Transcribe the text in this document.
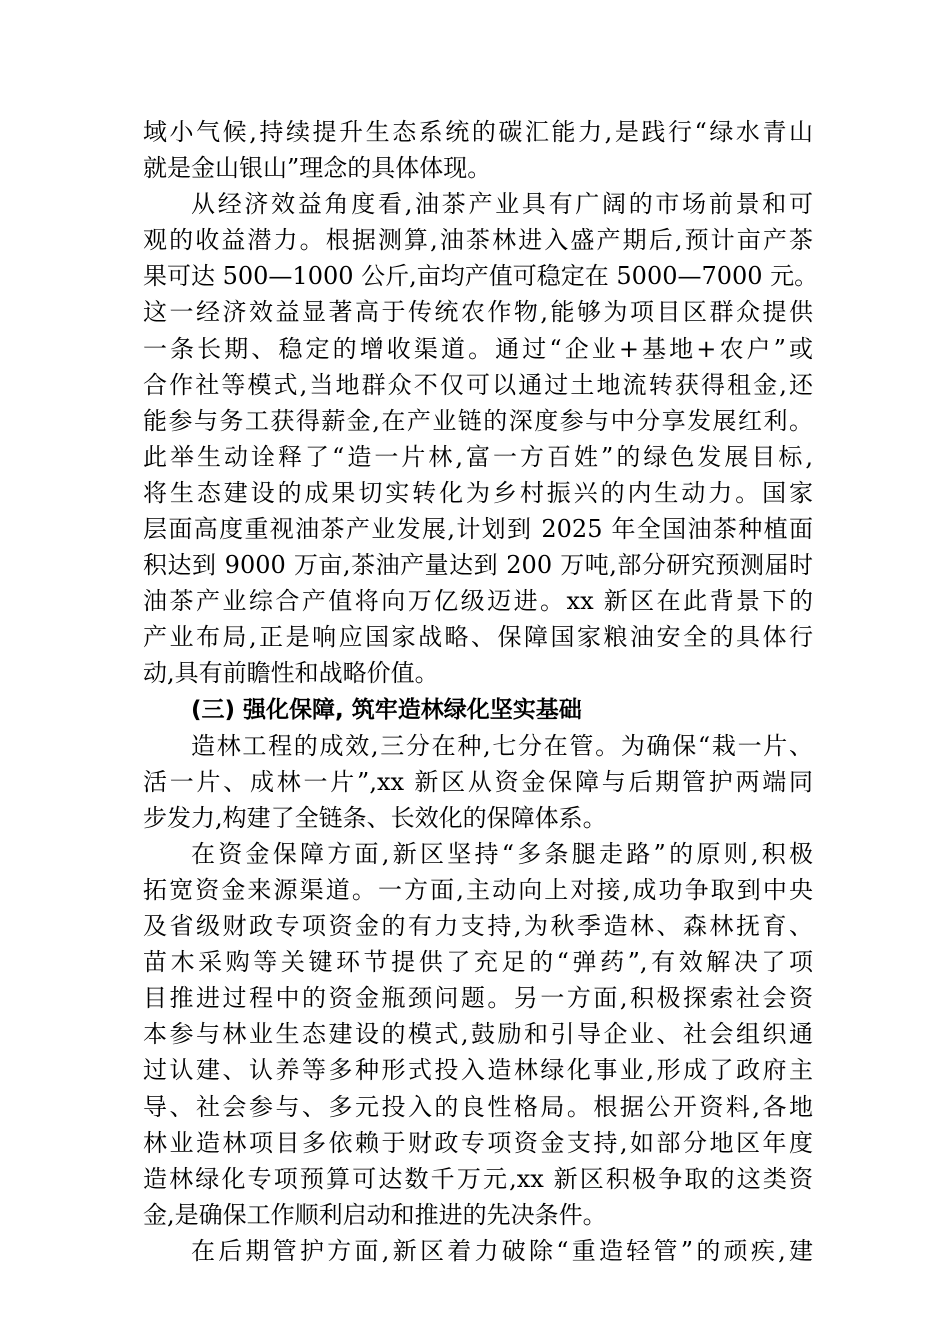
域小气候,持续提升生态系统的碳汇能力,是践行“绿水青山
就是金山银山”理念的具体体现。
从经济效益角度看,油茶产业具有广阔的市场前景和可
观的收益潜力。根据测算,油茶林进入盛产期后,预计亩产茶
果可达 500—1000 公斤,亩均产值可稳定在 5000—7000 元。
这一经济效益显著高于传统农作物,能够为项目区群众提供
一条长期、稳定的增收渠道。通过“企业+基地+农户”或
合作社等模式,当地群众不仅可以通过土地流转获得租金,还
能参与务工获得薪金,在产业链的深度参与中分享发展红利。
此举生动诠释了“造一片林,富一方百姓”的绿色发展目标,
将生态建设的成果切实转化为乡村振兴的内生动力。国家
层面高度重视油茶产业发展,计划到 2025 年全国油茶种植面
积达到 9000 万亩,茶油产量达到 200 万吨,部分研究预测届时
油茶产业综合产值将向万亿级迈进。xx 新区在此背景下的
产业布局,正是响应国家战略、保障国家粮油安全的具体行
动,具有前瞻性和战略价值。
(三) 强化保障, 筑牢造林绿化坚实基础
造林工程的成效,三分在种,七分在管。为确保“栽一片、
活一片、成林一片”,xx 新区从资金保障与后期管护两端同
步发力,构建了全链条、长效化的保障体系。
在资金保障方面,新区坚持“多条腿走路”的原则,积极
拓宽资金来源渠道。一方面,主动向上对接,成功争取到中央
及省级财政专项资金的有力支持,为秋季造林、森林抚育、
苗木采购等关键环节提供了充足的“弹药”,有效解决了项
目推进过程中的资金瓶颈问题。另一方面,积极探索社会资
本参与林业生态建设的模式,鼓励和引导企业、社会组织通
过认建、认养等多种形式投入造林绿化事业,形成了政府主
导、社会参与、多元投入的良性格局。根据公开资料,各地
林业造林项目多依赖于财政专项资金支持,如部分地区年度
造林绿化专项预算可达数千万元,xx 新区积极争取的这类资
金,是确保工作顺利启动和推进的先决条件。
在后期管护方面,新区着力破除“重造轻管”的顽疾,建
